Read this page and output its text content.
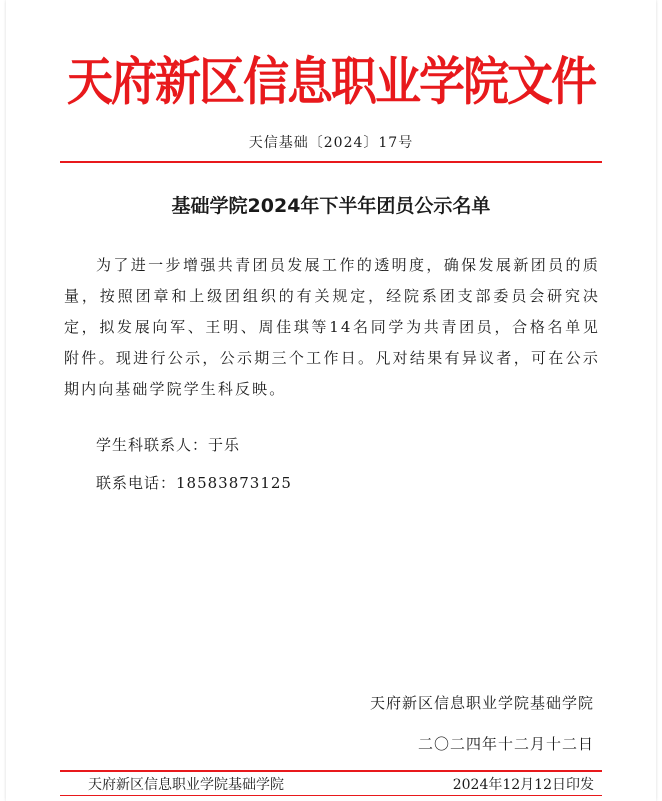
天府新区信息职业学院文件
天信基础〔2024〕17号
基础学院2024年下半年团员公示名单
为了进一步增强共青团员发展工作的透明度，确保发展新团员的质量，按照团章和上级团组织的有关规定，经院系团支部委员会研究决定，拟发展向军、王明、周佳琪等14名同学为共青团员，合格名单见附件。现进行公示，公示期三个工作日。凡对结果有异议者，可在公示期内向基础学院学生科反映。
学生科联系人：于乐
联系电话：18583873125
天府新区信息职业学院基础学院
二〇二四年十二月十二日
天府新区信息职业学院基础学院	2024年12月12日印发
